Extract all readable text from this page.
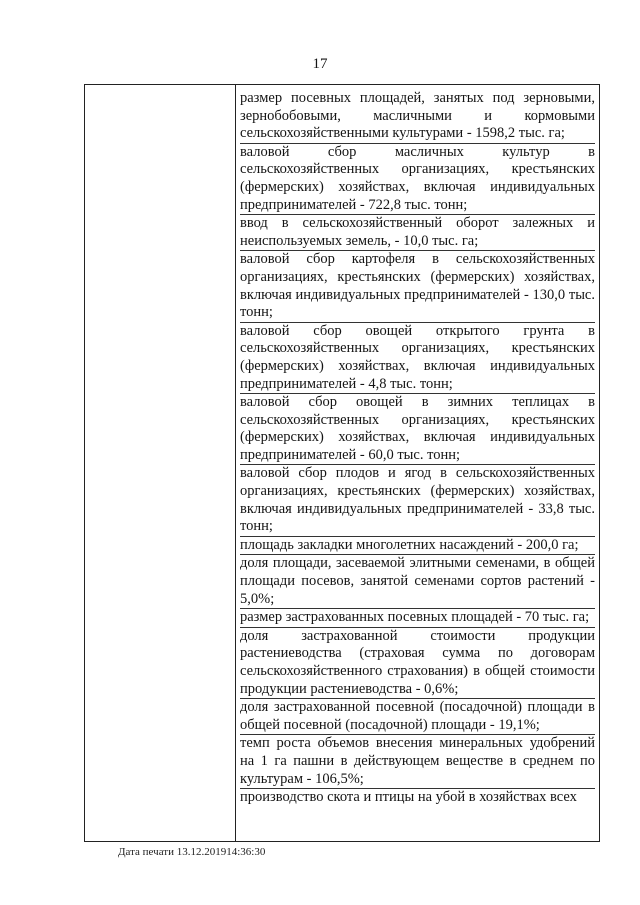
17

размер посевных площадей, занятых под зерновыми, зернобобовыми, масличными и кормовыми сельскохозяйственными культурами - 1598,2 тыс. га;

валовой сбор масличных культур в сельскохозяйственных организациях, крестьянских (фермерских) хозяйствах, включая индивидуальных предпринимателей - 722,8 тыс. тонн;

ввод в сельскохозяйственный оборот залежных и неиспользуемых земель, - 10,0 тыс. га;

валовой сбор картофеля в сельскохозяйственных организациях, крестьянских (фермерских) хозяйствах, включая индивидуальных предпринимателей - 130,0 тыс. тонн;

валовой сбор овощей открытого грунта в сельскохозяйственных организациях, крестьянских (фермерских) хозяйствах, включая индивидуальных предпринимателей - 4,8 тыс. тонн;

валовой сбор овощей в зимних теплицах в сельскохозяйственных организациях, крестьянских (фермерских) хозяйствах, включая индивидуальных предпринимателей - 60,0 тыс. тонн;

валовой сбор плодов и ягод в сельскохозяйственных организациях, крестьянских (фермерских) хозяйствах, включая индивидуальных предпринимателей - 33,8 тыс. тонн;

площадь закладки многолетних насаждений - 200,0 га;

доля площади, засеваемой элитными семенами, в общей площади посевов, занятой семенами сортов растений - 5,0%;

размер застрахованных посевных площадей - 70 тыс. га;

доля застрахованной стоимости продукции растениеводства (страховая сумма по договорам сельскохозяйственного страхования) в общей стоимости продукции растениеводства - 0,6%;

доля застрахованной посевной (посадочной) площади в общей посевной (посадочной) площади - 19,1%;

темп роста объемов внесения минеральных удобрений на 1 га пашни в действующем веществе в среднем по культурам - 106,5%;

производство скота и птицы на убой в хозяйствах всех

Дата печати 13.12.201914:36:30
